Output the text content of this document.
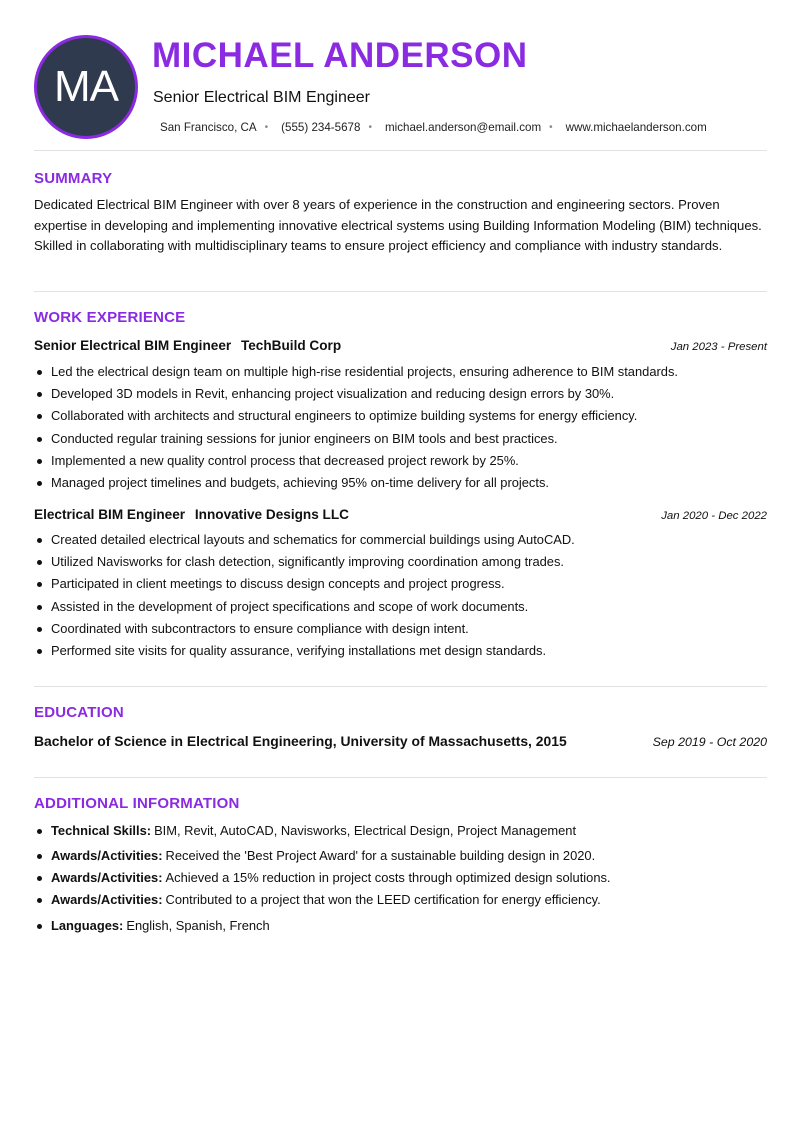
MA
MICHAEL ANDERSON
Senior Electrical BIM Engineer
San Francisco, CA • (555) 234-5678 • michael.anderson@email.com • www.michaelanderson.com
SUMMARY
Dedicated Electrical BIM Engineer with over 8 years of experience in the construction and engineering sectors. Proven expertise in developing and implementing innovative electrical systems using Building Information Modeling (BIM) techniques. Skilled in collaborating with multidisciplinary teams to ensure project efficiency and compliance with industry standards.
WORK EXPERIENCE
Senior Electrical BIM Engineer TechBuild Corp	Jan 2023 - Present
Led the electrical design team on multiple high-rise residential projects, ensuring adherence to BIM standards.
Developed 3D models in Revit, enhancing project visualization and reducing design errors by 30%.
Collaborated with architects and structural engineers to optimize building systems for energy efficiency.
Conducted regular training sessions for junior engineers on BIM tools and best practices.
Implemented a new quality control process that decreased project rework by 25%.
Managed project timelines and budgets, achieving 95% on-time delivery for all projects.
Electrical BIM Engineer Innovative Designs LLC	Jan 2020 - Dec 2022
Created detailed electrical layouts and schematics for commercial buildings using AutoCAD.
Utilized Navisworks for clash detection, significantly improving coordination among trades.
Participated in client meetings to discuss design concepts and project progress.
Assisted in the development of project specifications and scope of work documents.
Coordinated with subcontractors to ensure compliance with design intent.
Performed site visits for quality assurance, verifying installations met design standards.
EDUCATION
Bachelor of Science in Electrical Engineering, University of Massachusetts, 2015	Sep 2019 - Oct 2020
ADDITIONAL INFORMATION
Technical Skills: BIM, Revit, AutoCAD, Navisworks, Electrical Design, Project Management
Awards/Activities: Received the 'Best Project Award' for a sustainable building design in 2020.
Awards/Activities: Achieved a 15% reduction in project costs through optimized design solutions.
Awards/Activities: Contributed to a project that won the LEED certification for energy efficiency.
Languages: English, Spanish, French
